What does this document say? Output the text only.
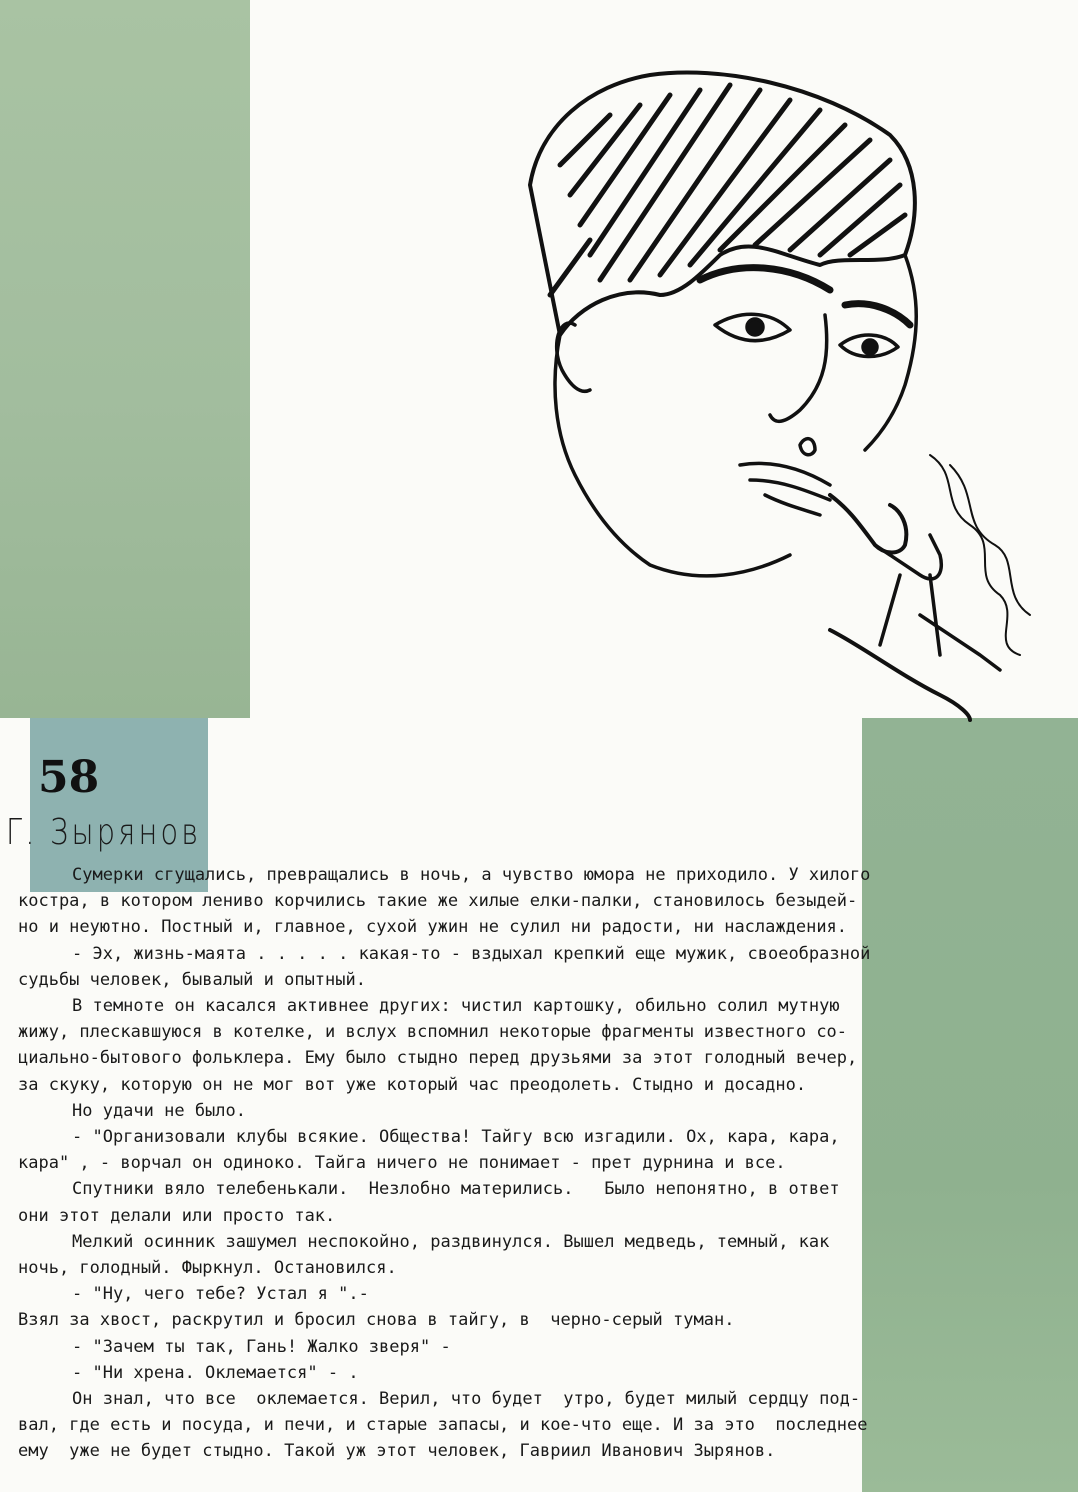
58
Г. Зырянов

Сумерки сгущались, превращались в ночь, а чувство юмора не приходило. У хилого

костра, в котором лениво корчились такие же хилые елки-палки, становилось безыдей-

но и неуютно. Постный и, главное, сухой ужин не сулил ни радости, ни наслаждения.

- Эх, жизнь-маята . . . . . какая-то - вздыхал крепкий еще мужик, своеобразной

судьбы человек, бывалый и опытный.

В темноте он касался активнее других: чистил картошку, обильно солил мутную

жижу, плескавшуюся в котелке, и вслух вспомнил некоторые фрагменты известного со-

циально-бытового фольклера. Ему было стыдно перед друзьями за этот голодный вечер,

за скуку, которую он не мог вот уже который час преодолеть. Стыдно и досадно.

Но удачи не было.

- "Организовали клубы всякие. Общества! Тайгу всю изгадили. Ох, кара, кара,

кара" , - ворчал он одиноко. Тайга ничего не понимает - прет дурнина и все.

Спутники вяло телебенькали.  Незлобно матерились.   Было непонятно, в ответ

они этот делали или просто так.

Мелкий осинник зашумел неспокойно, раздвинулся. Вышел медведь, темный, как

ночь, голодный. Фыркнул. Остановился.

- "Ну, чего тебе? Устал я ".-

Взял за хвост, раскрутил и бросил снова в тайгу, в  черно-серый туман.

- "Зачем ты так, Гань! Жалко зверя" -

- "Ни хрена. Оклемается" - .

Он знал, что все  оклемается. Верил, что будет  утро, будет милый сердцу под-

вал, где есть и посуда, и печи, и старые запасы, и кое-что еще. И за это  последнее

ему  уже не будет стыдно. Такой уж этот человек, Гавриил Иванович Зырянов.
